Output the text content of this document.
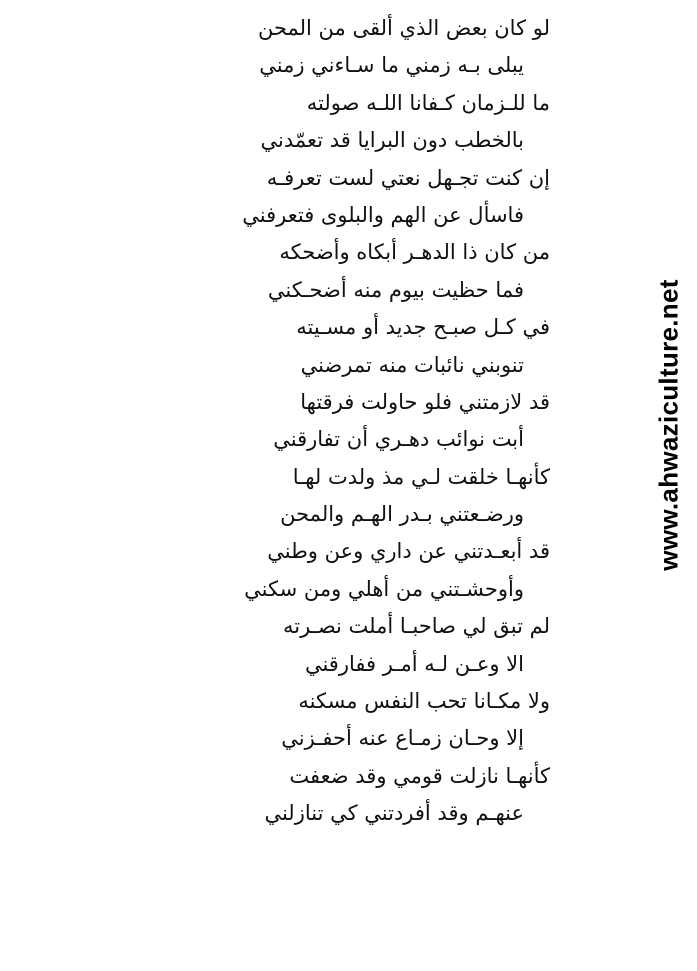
لو كان بعض الذي ألقى من المحن
يبلى بـه زمني ما سـاءني زمني
ما للـزمان كـفانا اللـه صولته
بالخطب دون البرايا قد تعمّدني
إن كنت تجـهل نعتي لست تعرفـه
فاسأل عن الهم والبلوى فتعرفني
من كان ذا الدهـر أبكاه وأضحكه
فما حظيت بيوم منه أضحـكني
في كـل صبـح جديد أو مسـيته
تنوبني نائبات منه تمرضني
قد لازمتني فلو حاولت فرقتها
أبت نوائب دهـري أن تفارقني
كأنهـا خلقت لـي مذ ولدت لهـا
ورضـعتني بـدر الهـم والمحن
قد أبعـدتني عن داري وعن وطني
وأوحشـتني من أهلي ومن سكني
لم تبق لي صاحبـا أملت نصـرته
الا وعـن لـه أمـر ففارقني
ولا مكـانا تحب النفس مسكنه
إلا وحـان زمـاع عنه أحفـزني
كأنهـا نازلت قومي وقد ضعفت
عنهـم وقد أفردتني كي تنازلني
www.ahwaziculture.net
